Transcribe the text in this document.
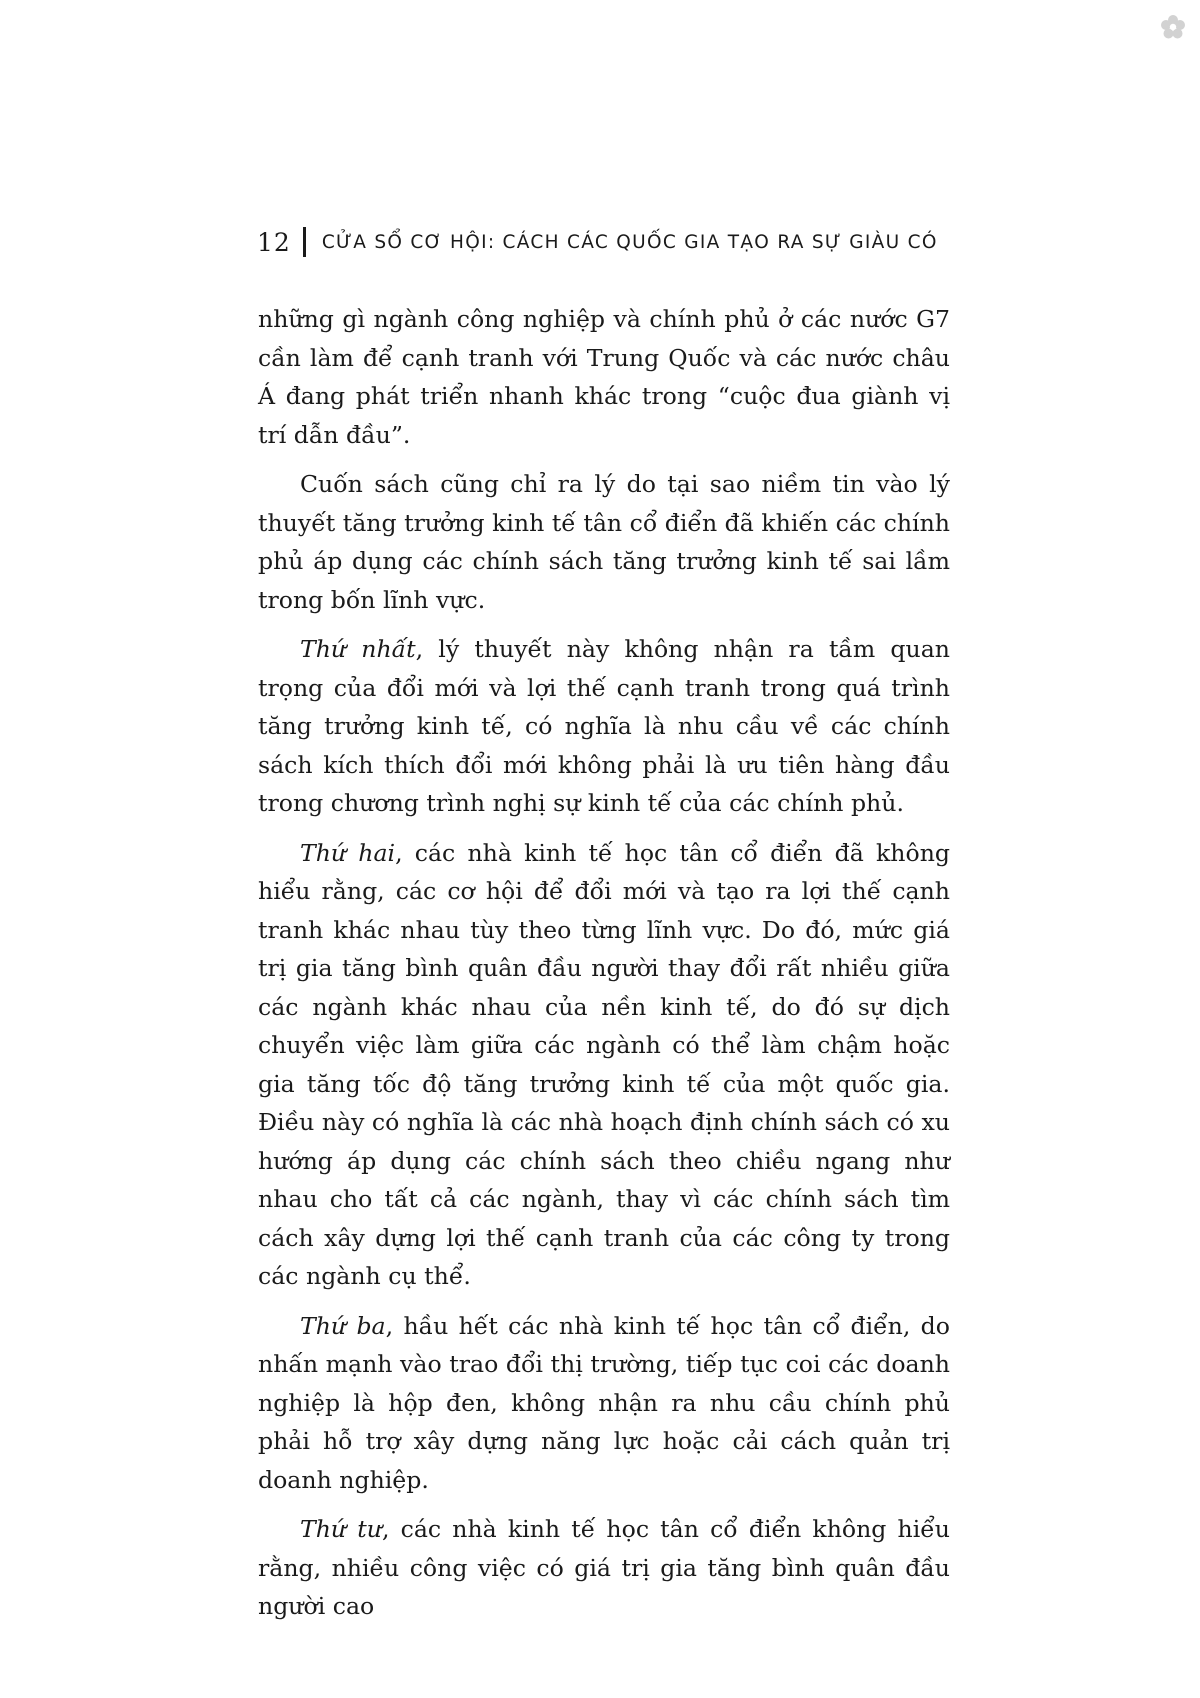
12 CỬA SỔ CƠ HỘI: CÁCH CÁC QUỐC GIA TẠO RA SỰ GIÀU CÓ

những gì ngành công nghiệp và chính phủ ở các nước G7 cần làm để cạnh tranh với Trung Quốc và các nước châu Á đang phát triển nhanh khác trong “cuộc đua giành vị trí dẫn đầu”.

Cuốn sách cũng chỉ ra lý do tại sao niềm tin vào lý thuyết tăng trưởng kinh tế tân cổ điển đã khiến các chính phủ áp dụng các chính sách tăng trưởng kinh tế sai lầm trong bốn lĩnh vực.

Thứ nhất, lý thuyết này không nhận ra tầm quan trọng của đổi mới và lợi thế cạnh tranh trong quá trình tăng trưởng kinh tế, có nghĩa là nhu cầu về các chính sách kích thích đổi mới không phải là ưu tiên hàng đầu trong chương trình nghị sự kinh tế của các chính phủ.

Thứ hai, các nhà kinh tế học tân cổ điển đã không hiểu rằng, các cơ hội để đổi mới và tạo ra lợi thế cạnh tranh khác nhau tùy theo từng lĩnh vực. Do đó, mức giá trị gia tăng bình quân đầu người thay đổi rất nhiều giữa các ngành khác nhau của nền kinh tế, do đó sự dịch chuyển việc làm giữa các ngành có thể làm chậm hoặc gia tăng tốc độ tăng trưởng kinh tế của một quốc gia. Điều này có nghĩa là các nhà hoạch định chính sách có xu hướng áp dụng các chính sách theo chiều ngang như nhau cho tất cả các ngành, thay vì các chính sách tìm cách xây dựng lợi thế cạnh tranh của các công ty trong các ngành cụ thể.

Thứ ba, hầu hết các nhà kinh tế học tân cổ điển, do nhấn mạnh vào trao đổi thị trường, tiếp tục coi các doanh nghiệp là hộp đen, không nhận ra nhu cầu chính phủ phải hỗ trợ xây dựng năng lực hoặc cải cách quản trị doanh nghiệp.

Thứ tư, các nhà kinh tế học tân cổ điển không hiểu rằng, nhiều công việc có giá trị gia tăng bình quân đầu người cao
